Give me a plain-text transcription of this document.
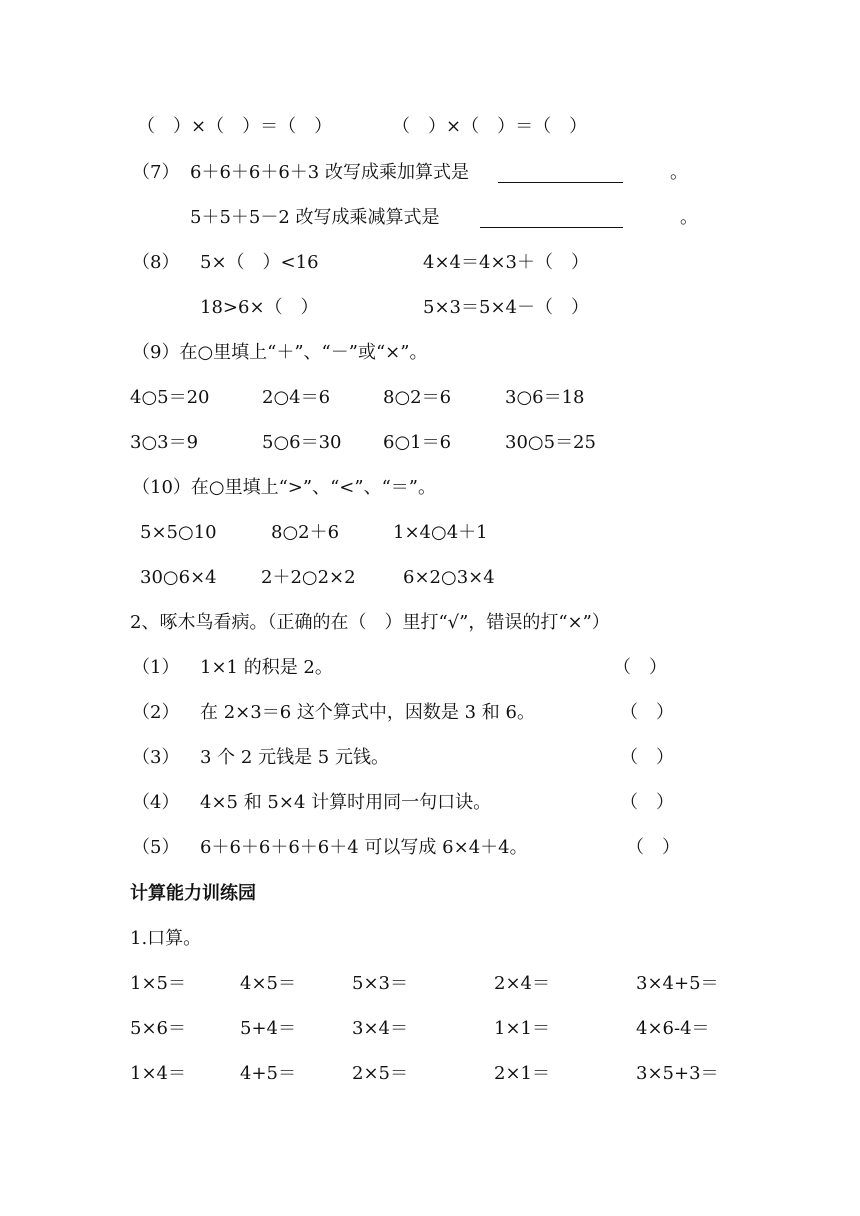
（　）×（　）＝（　）	（　）×（　）＝（　）
（7） 6＋6＋6＋6＋3 改写成乘加算式是	。
5＋5＋5－2 改写成乘减算式是	。
（8） 5×（　）<16	4×4＝4×3＋（　）
18>6×（　）	5×3＝5×4－（　）
（9）在○里填上“＋”、“－”或“×”。
4○5＝20	2○4＝6	8○2＝6	3○6＝18
3○3＝9	5○6＝30 6○1＝6	30○5＝25
（10）在○里填上“>”、“<”、“＝”。
5×5○10	8○2＋6	1×4○4＋1
30○6×4 2＋2○2×2	6×2○3×4
2、啄木鸟看病。（正确的在（　）里打“√”，错误的打“×”）
（1） 1×1 的积是 2。	（　）
（2） 在 2×3＝6 这个算式中，因数是 3 和 6。	（　）
（3） 3 个 2 元钱是 5 元钱。	（　）
（4） 4×5 和 5×4 计算时用同一句口诀。	（　）
（5） 6＋6＋6＋6＋6＋4 可以写成 6×4＋4。	（　）
计算能力训练园
1.口算。
1×5＝	4×5＝	5×3＝	2×4＝	3×4+5＝
5×6＝	5+4＝	3×4＝	1×1＝	4×6-4＝
1×4＝	4+5＝	2×5＝	2×1＝	3×5+3＝
